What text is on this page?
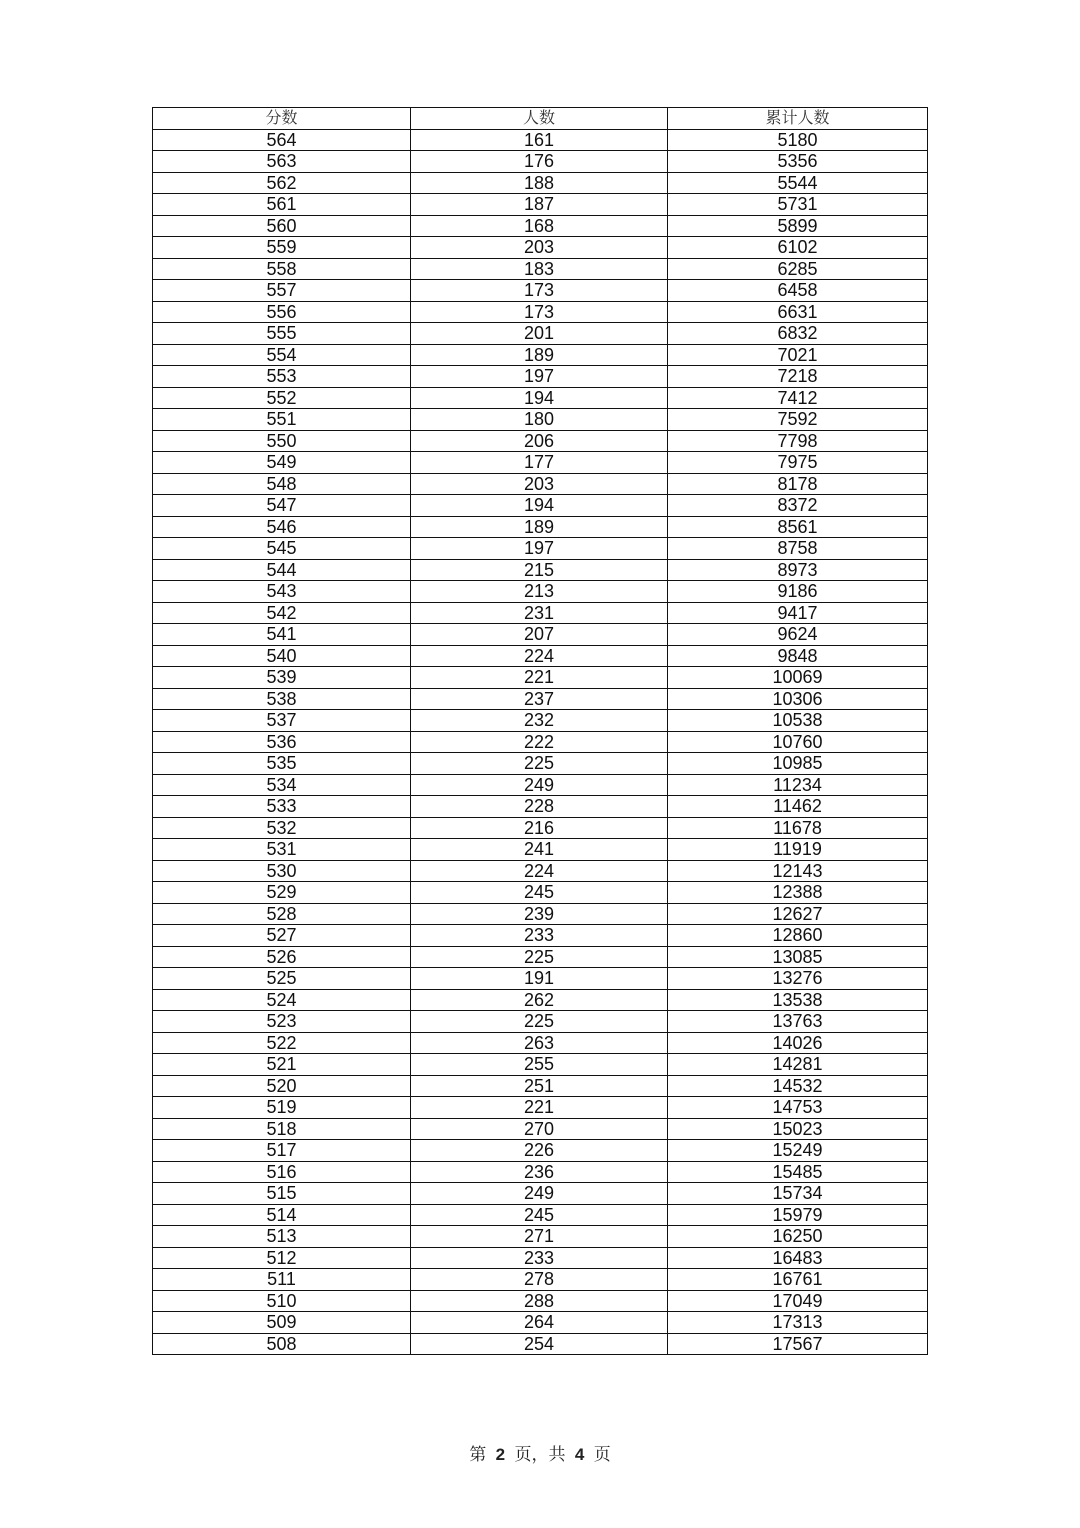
分数	人数	累计人数
564	161	5180
563	176	5356
562	188	5544
561	187	5731
560	168	5899
559	203	6102
558	183	6285
557	173	6458
556	173	6631
555	201	6832
554	189	7021
553	197	7218
552	194	7412
551	180	7592
550	206	7798
549	177	7975
548	203	8178
547	194	8372
546	189	8561
545	197	8758
544	215	8973
543	213	9186
542	231	9417
541	207	9624
540	224	9848
539	221	10069
538	237	10306
537	232	10538
536	222	10760
535	225	10985
534	249	11234
533	228	11462
532	216	11678
531	241	11919
530	224	12143
529	245	12388
528	239	12627
527	233	12860
526	225	13085
525	191	13276
524	262	13538
523	225	13763
522	263	14026
521	255	14281
520	251	14532
519	221	14753
518	270	15023
517	226	15249
516	236	15485
515	249	15734
514	245	15979
513	271	16250
512	233	16483
511	278	16761
510	288	17049
509	264	17313
508	254	17567
第 2 页，共 4 页
